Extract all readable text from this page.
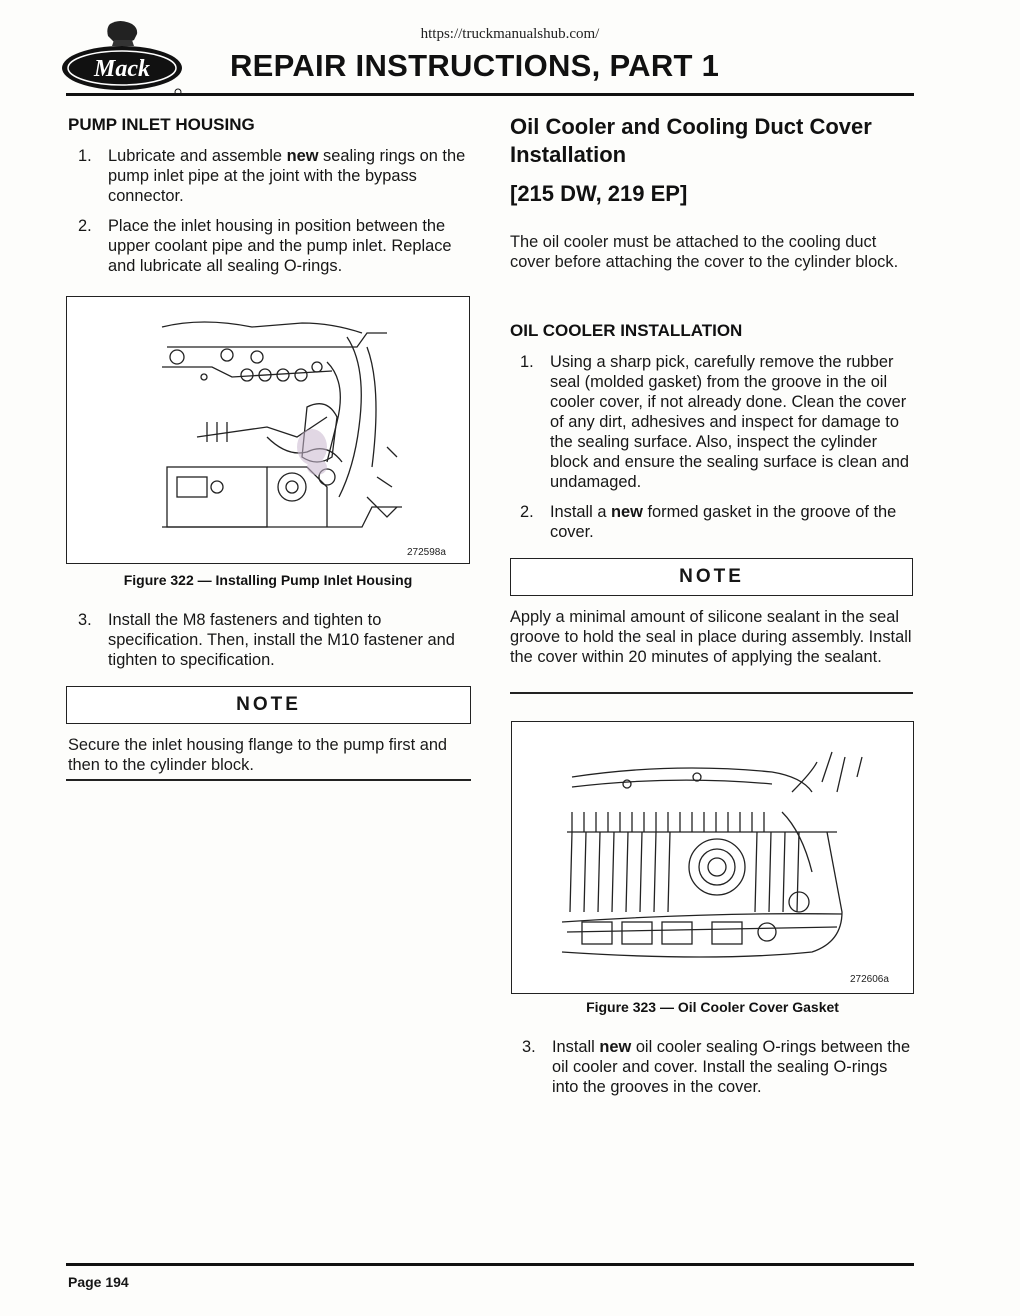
https://truckmanualshub.com/
Mack	REPAIR INSTRUCTIONS, PART 1
PUMP INLET HOUSING
1. Lubricate and assemble new sealing rings on the pump inlet pipe at the joint with the bypass connector.
2. Place the inlet housing in position between the upper coolant pipe and the pump inlet. Replace and lubricate all sealing O-rings.
272598a
Figure 322 — Installing Pump Inlet Housing
3. Install the M8 fasteners and tighten to specification. Then, install the M10 fastener and tighten to specification.
NOTE
Secure the inlet housing flange to the pump first and then to the cylinder block.
Oil Cooler and Cooling Duct Cover Installation
[215 DW, 219 EP]
The oil cooler must be attached to the cooling duct cover before attaching the cover to the cylinder block.
OIL COOLER INSTALLATION
1. Using a sharp pick, carefully remove the rubber seal (molded gasket) from the groove in the oil cooler cover, if not already done. Clean the cover of any dirt, adhesives and inspect for damage to the sealing surface. Also, inspect the cylinder block and ensure the sealing surface is clean and undamaged.
2. Install a new formed gasket in the groove of the cover.
NOTE
Apply a minimal amount of silicone sealant in the seal groove to hold the seal in place during assembly. Install the cover within 20 minutes of applying the sealant.
272606a
Figure 323 — Oil Cooler Cover Gasket
3. Install new oil cooler sealing O-rings between the oil cooler and cover. Install the sealing O-rings into the grooves in the cover.
Page 194
